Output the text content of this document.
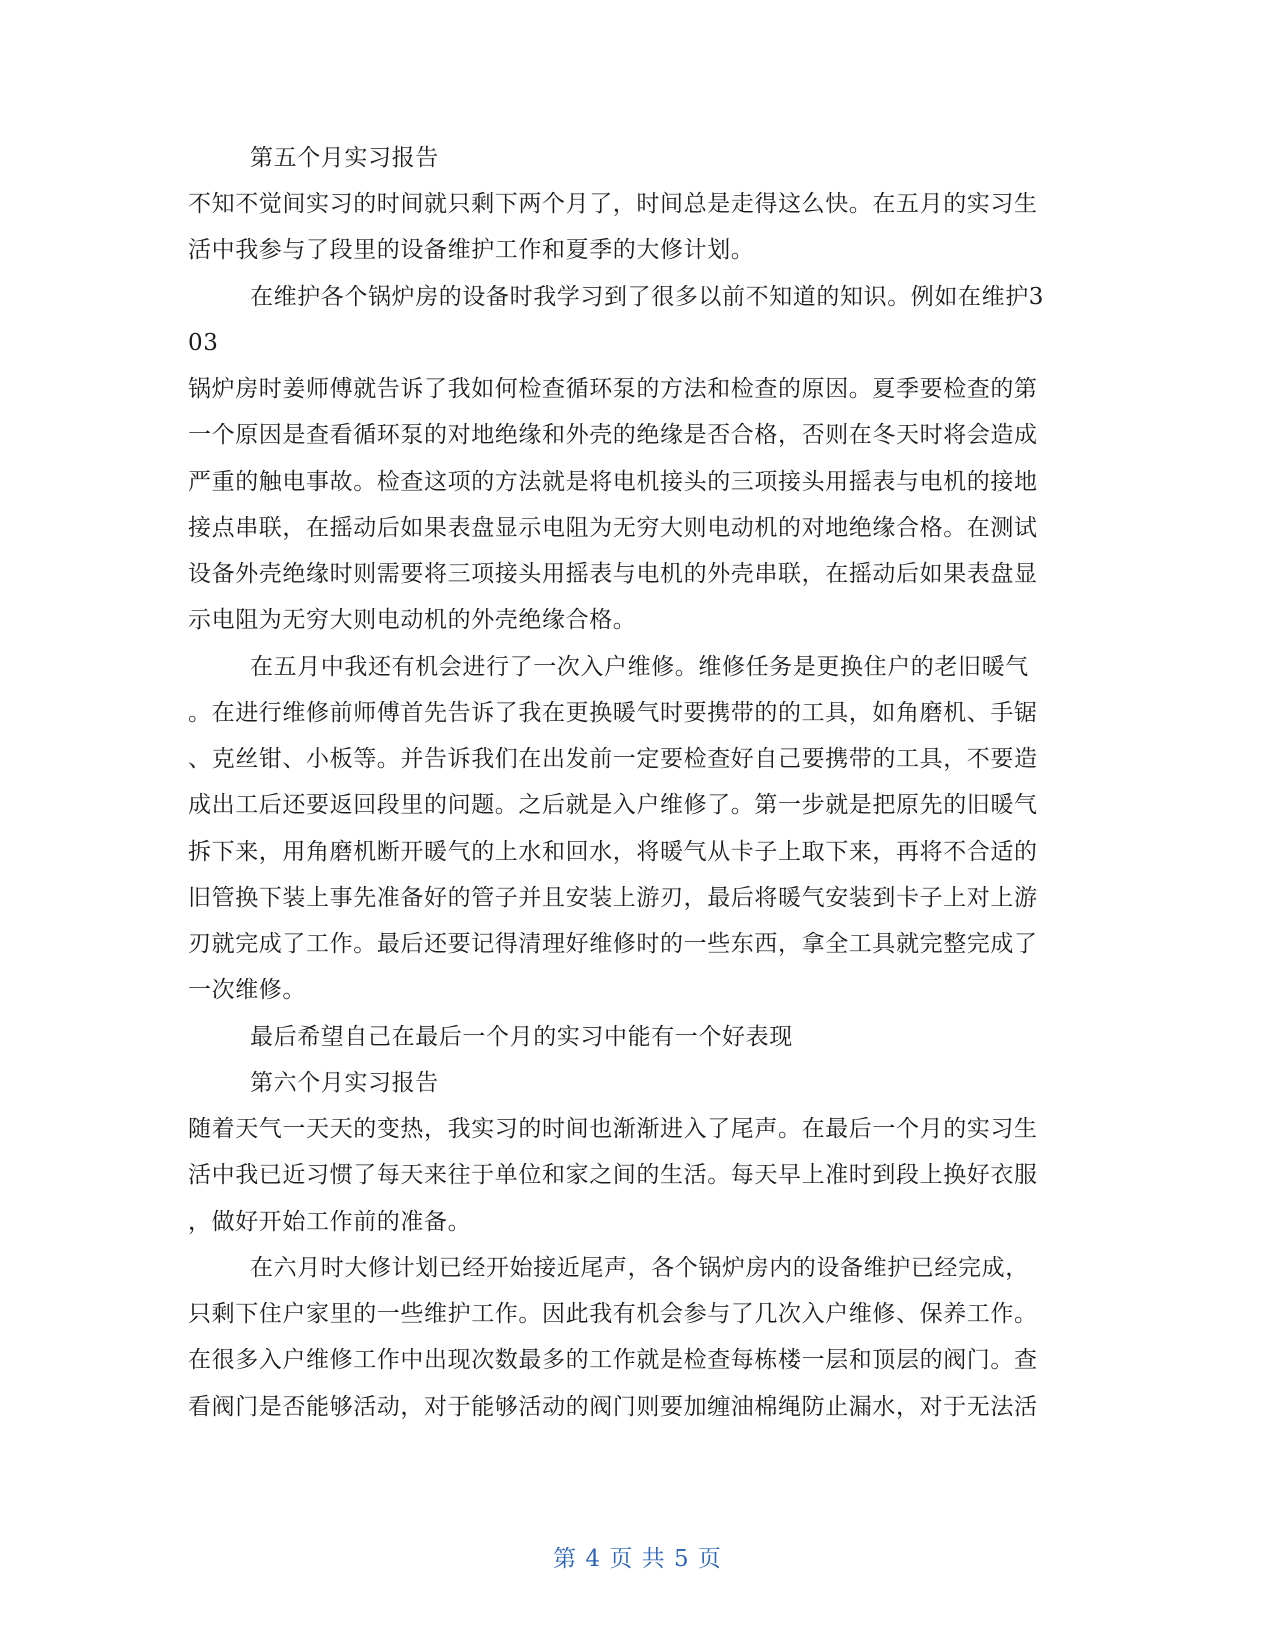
第五个月实习报告
不知不觉间实习的时间就只剩下两个月了，时间总是走得这么快。在五月的实习生
活中我参与了段里的设备维护工作和夏季的大修计划。
在维护各个锅炉房的设备时我学习到了很多以前不知道的知识。例如在维护3
03
锅炉房时姜师傅就告诉了我如何检查循环泵的方法和检查的原因。夏季要检查的第
一个原因是查看循环泵的对地绝缘和外壳的绝缘是否合格，否则在冬天时将会造成
严重的触电事故。检查这项的方法就是将电机接头的三项接头用摇表与电机的接地
接点串联，在摇动后如果表盘显示电阻为无穷大则电动机的对地绝缘合格。在测试
设备外壳绝缘时则需要将三项接头用摇表与电机的外壳串联，在摇动后如果表盘显
示电阻为无穷大则电动机的外壳绝缘合格。
在五月中我还有机会进行了一次入户维修。维修任务是更换住户的老旧暖气
。在进行维修前师傅首先告诉了我在更换暖气时要携带的的工具，如角磨机、手锯
、克丝钳、小板等。并告诉我们在出发前一定要检查好自己要携带的工具，不要造
成出工后还要返回段里的问题。之后就是入户维修了。第一步就是把原先的旧暖气
拆下来，用角磨机断开暖气的上水和回水，将暖气从卡子上取下来，再将不合适的
旧管换下装上事先准备好的管子并且安装上游刃，最后将暖气安装到卡子上对上游
刃就完成了工作。最后还要记得清理好维修时的一些东西，拿全工具就完整完成了
一次维修。
最后希望自己在最后一个月的实习中能有一个好表现
第六个月实习报告
随着天气一天天的变热，我实习的时间也渐渐进入了尾声。在最后一个月的实习生
活中我已近习惯了每天来往于单位和家之间的生活。每天早上准时到段上换好衣服
，做好开始工作前的准备。
在六月时大修计划已经开始接近尾声，各个锅炉房内的设备维护已经完成，
只剩下住户家里的一些维护工作。因此我有机会参与了几次入户维修、保养工作。
在很多入户维修工作中出现次数最多的工作就是检查每栋楼一层和顶层的阀门。查
看阀门是否能够活动，对于能够活动的阀门则要加缠油棉绳防止漏水，对于无法活
第 4 页 共 5 页
